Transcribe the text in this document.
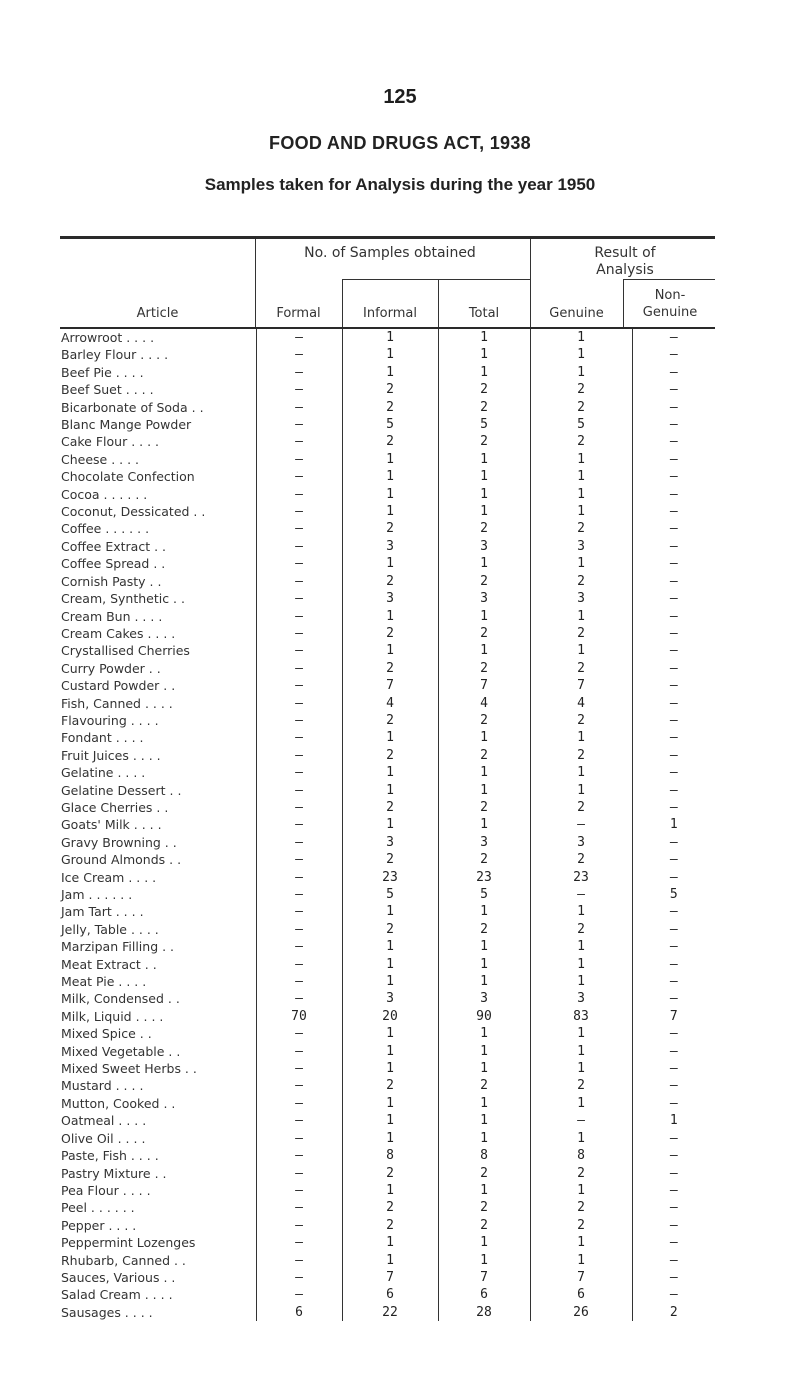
125
FOOD AND DRUGS ACT, 1938
Samples taken for Analysis during the year 1950
No. of Samples obtained	Result of Analysis
Article	Formal	Informal	Total	Genuine
Non-Genuine
Arrowroot . . . .	—	1	1	1	—
Barley Flour . . . .	—	1	1	1	—
Beef Pie . . . .	—	1	1	1	—
Beef Suet . . . .	—	2	2	2	—
Bicarbonate of Soda . .	—	2	2	2	—
Blanc Mange Powder	—	5	5	5	—
Cake Flour . . . .	—	2	2	2	—
Cheese . . . .	—	1	1	1	—
Chocolate Confection	—	1	1	1	—
Cocoa . . . . . .	—	1	1	1	—
Coconut, Dessicated . .	—	1	1	1	—
Coffee . . . . . .	—	2	2	2	—
Coffee Extract . .	—	3	3	3	—
Coffee Spread . .	—	1	1	1	—
Cornish Pasty . .	—	2	2	2	—
Cream, Synthetic . .	—	3	3	3	—
Cream Bun . . . .	—	1	1	1	—
Cream Cakes . . . .	—	2	2	2	—
Crystallised Cherries	—	1	1	1	—
Curry Powder . .	—	2	2	2	—
Custard Powder . .	—	7	7	7	—
Fish, Canned . . . .	—	4	4	4	—
Flavouring . . . .	—	2	2	2	—
Fondant . . . .	—	1	1	1	—
Fruit Juices . . . .	—	2	2	2	—
Gelatine . . . .	—	1	1	1	—
Gelatine Dessert . .	—	1	1	1	—
Glace Cherries . .	—	2	2	2	—
Goats' Milk . . . .	—	1	1	—	1
Gravy Browning . .	—	3	3	3	—
Ground Almonds . .	—	2	2	2	—
Ice Cream . . . .	—	23	23	23	—
Jam . . . . . .	—	5	5	—	5
Jam Tart . . . .	—	1	1	1	—
Jelly, Table . . . .	—	2	2	2	—
Marzipan Filling . .	—	1	1	1	—
Meat Extract . .	—	1	1	1	—
Meat Pie . . . .	—	1	1	1	—
Milk, Condensed . .	—	3	3	3	—
Milk, Liquid . . . .	70	20	90	83	7
Mixed Spice . .	—	1	1	1	—
Mixed Vegetable . .	—	1	1	1	—
Mixed Sweet Herbs . .	—	1	1	1	—
Mustard . . . .	—	2	2	2	—
Mutton, Cooked . .	—	1	1	1	—
Oatmeal . . . .	—	1	1	—	1
Olive Oil . . . .	—	1	1	1	—
Paste, Fish . . . .	—	8	8	8	—
Pastry Mixture . .	—	2	2	2	—
Pea Flour . . . .	—	1	1	1	—
Peel . . . . . .	—	2	2	2	—
Pepper . . . .	—	2	2	2	—
Peppermint Lozenges	—	1	1	1	—
Rhubarb, Canned . .	—	1	1	1	—
Sauces, Various . .	—	7	7	7	—
Salad Cream . . . .	—	6	6	6	—
Sausages . . . .	6	22	28	26	2
